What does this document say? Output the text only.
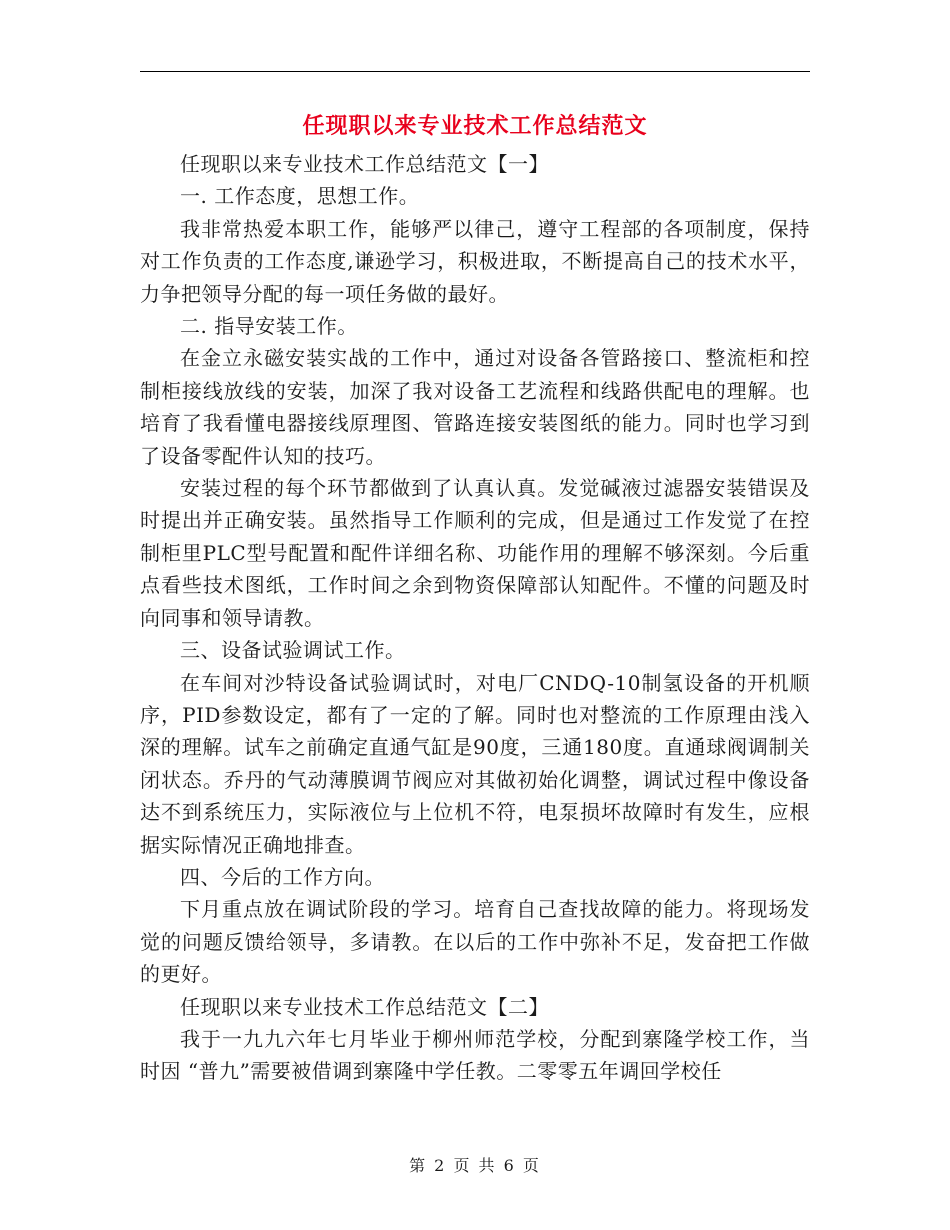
任现职以来专业技术工作总结范文

任现职以来专业技术工作总结范文【一】

一. 工作态度，思想工作。

我非常热爱本职工作，能够严以律己，遵守工程部的各项制度，保持对工作负责的工作态度,谦逊学习，积极进取，不断提高自己的技术水平，力争把领导分配的每一项任务做的最好。

二. 指导安装工作。

在金立永磁安装实战的工作中，通过对设备各管路接口、整流柜和控制柜接线放线的安装，加深了我对设备工艺流程和线路供配电的理解。也培育了我看懂电器接线原理图、管路连接安装图纸的能力。同时也学习到了设备零配件认知的技巧。

安装过程的每个环节都做到了认真认真。发觉碱液过滤器安装错误及时提出并正确安装。虽然指导工作顺利的完成，但是通过工作发觉了在控制柜里PLC型号配置和配件详细名称、功能作用的理解不够深刻。今后重点看些技术图纸，工作时间之余到物资保障部认知配件。不懂的问题及时向同事和领导请教。

三、设备试验调试工作。

在车间对沙特设备试验调试时，对电厂CNDQ-10制氢设备的开机顺序，PID参数设定，都有了一定的了解。同时也对整流的工作原理由浅入深的理解。试车之前确定直通气缸是90度，三通180度。直通球阀调制关闭状态。乔丹的气动薄膜调节阀应对其做初始化调整，调试过程中像设备达不到系统压力，实际液位与上位机不符，电泵损坏故障时有发生，应根据实际情况正确地排查。

四、今后的工作方向。

下月重点放在调试阶段的学习。培育自己查找故障的能力。将现场发觉的问题反馈给领导，多请教。在以后的工作中弥补不足，发奋把工作做的更好。

任现职以来专业技术工作总结范文【二】

我于一九九六年七月毕业于柳州师范学校，分配到寨隆学校工作，当时因 “普九”需要被借调到寨隆中学任教。二零零五年调回学校任

第 2 页 共 6 页
